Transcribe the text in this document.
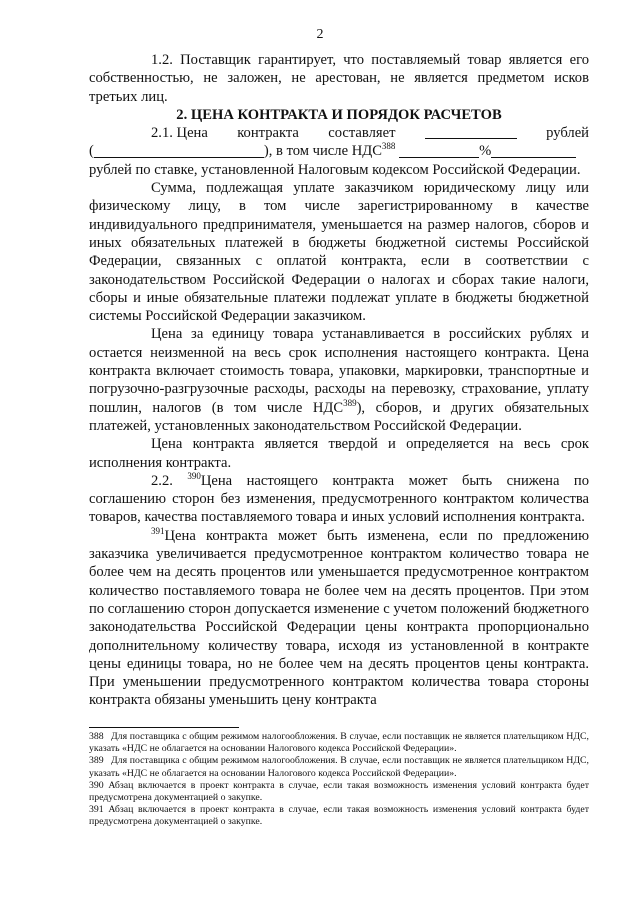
2

1.2. Поставщик гарантирует, что поставляемый товар является его собственностью, не заложен, не арестован, не является предметом исков третьих лиц.

2. ЦЕНА КОНТРАКТА И ПОРЯДОК РАСЧЕТОВ

2.1. Цена контракта составляет	рублей
(	), в том числе НДС$^{388}$	%

рублей по ставке, установленной Налоговым кодексом Российской Федерации.

Сумма, подлежащая уплате заказчиком юридическому лицу или физическому лицу, в том числе зарегистрированному в качестве индивидуального предпринимателя, уменьшается на размер налогов, сборов и иных обязательных платежей в бюджеты бюджетной системы Российской Федерации, связанных с оплатой контракта, если в соответствии с законодательством Российской Федерации о налогах и сборах такие налоги, сборы и иные обязательные платежи подлежат уплате в бюджеты бюджетной системы Российской Федерации заказчиком.

Цена за единицу товара устанавливается в российских рублях и остается неизменной на весь срок исполнения настоящего контракта. Цена контракта включает стоимость товара, упаковки, маркировки, транспортные и погрузочно-разгрузочные расходы, расходы на перевозку, страхование, уплату пошлин, налогов (в том числе НДС$^{389}$), сборов, и других обязательных платежей, установленных законодательством Российской Федерации.

Цена контракта является твердой и определяется на весь срок исполнения контракта.

2.2. $^{390}$Цена настоящего контракта может быть снижена по соглашению сторон без изменения, предусмотренного контрактом количества товаров, качества поставляемого товара и иных условий исполнения контракта.

$^{391}$Цена контракта может быть изменена, если по предложению заказчика увеличивается предусмотренное контрактом количество товара не более чем на десять процентов или уменьшается предусмотренное контрактом количество поставляемого товара не более чем на десять процентов. При этом по соглашению сторон допускается изменение с учетом положений бюджетного законодательства Российской Федерации цены контракта пропорционально дополнительному количеству товара, исходя из установленной в контракте цены единицы товара, но не более чем на десять процентов цены контракта. При уменьшении предусмотренного контрактом количества товара стороны контракта обязаны уменьшить цену контракта

388 Для поставщика с общим режимом налогообложения. В случае, если поставщик не является плательщиком НДС, указать «НДС не облагается на основании Налогового кодекса Российской Федерации».

389 Для поставщика с общим режимом налогообложения. В случае, если поставщик не является плательщиком НДС, указать «НДС не облагается на основании Налогового кодекса Российской Федерации».

390 Абзац включается в проект контракта в случае, если такая возможность изменения условий контракта будет предусмотрена документацией о закупке.

391 Абзац включается в проект контракта в случае, если такая возможность изменения условий контракта будет предусмотрена документацией о закупке.
